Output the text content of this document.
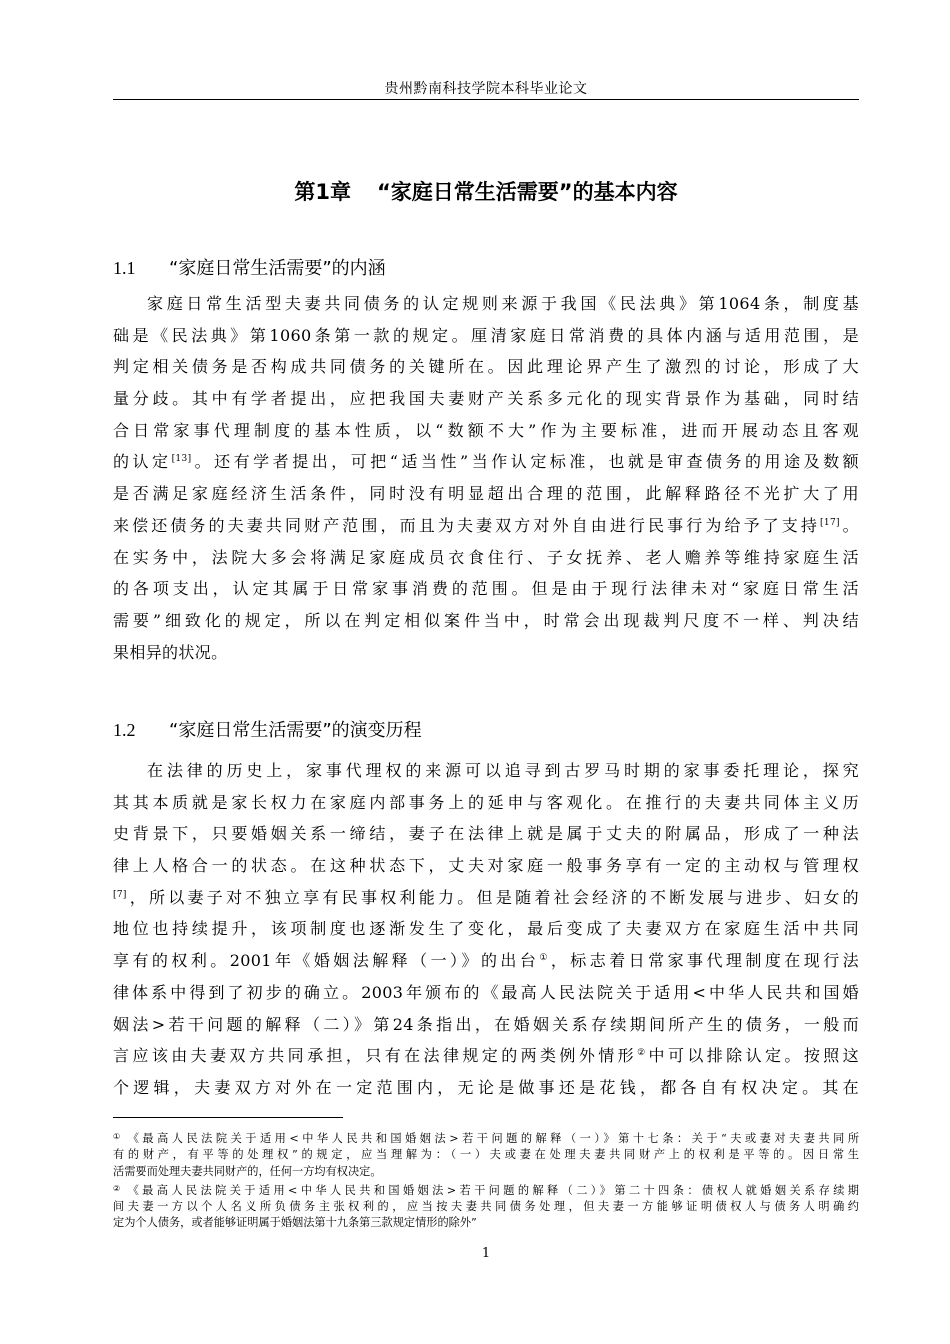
贵州黔南科技学院本科毕业论文
第1章 “家庭日常生活需要”的基本内容
1.1 “家庭日常生活需要”的内涵
家庭日常生活型夫妻共同债务的认定规则来源于我国《民法典》第1064条，制度基
础是《民法典》第1060条第一款的规定。厘清家庭日常消费的具体内涵与适用范围，是
判定相关债务是否构成共同债务的关键所在。因此理论界产生了激烈的讨论，形成了大
量分歧。其中有学者提出，应把我国夫妻财产关系多元化的现实背景作为基础，同时结
合日常家事代理制度的基本性质，以“数额不大”作为主要标准，进而开展动态且客观
的认定[13]。还有学者提出，可把“适当性”当作认定标准，也就是审查债务的用途及数额
是否满足家庭经济生活条件，同时没有明显超出合理的范围，此解释路径不光扩大了用
来偿还债务的夫妻共同财产范围，而且为夫妻双方对外自由进行民事行为给予了支持[17]。
在实务中，法院大多会将满足家庭成员衣食住行、子女抚养、老人赡养等维持家庭生活
的各项支出，认定其属于日常家事消费的范围。但是由于现行法律未对“家庭日常生活
需要”细致化的规定，所以在判定相似案件当中，时常会出现裁判尺度不一样、判决结
果相异的状况。
1.2 “家庭日常生活需要”的演变历程
在法律的历史上，家事代理权的来源可以追寻到古罗马时期的家事委托理论，探究
其其本质就是家长权力在家庭内部事务上的延申与客观化。在推行的夫妻共同体主义历
史背景下，只要婚姻关系一缔结，妻子在法律上就是属于丈夫的附属品，形成了一种法
律上人格合一的状态。在这种状态下，丈夫对家庭一般事务享有一定的主动权与管理权
[7]，所以妻子对不独立享有民事权利能力。但是随着社会经济的不断发展与进步、妇女的
地位也持续提升，该项制度也逐渐发生了变化，最后变成了夫妻双方在家庭生活中共同
享有的权利。2001年《婚姻法解释（一）》的出台①，标志着日常家事代理制度在现行法
律体系中得到了初步的确立。2003年颁布的《最高人民法院关于适用<中华人民共和国婚
姻法>若干问题的解释（二）》第24条指出，在婚姻关系存续期间所产生的债务，一般而
言应该由夫妻双方共同承担，只有在法律规定的两类例外情形②中可以排除认定。按照这
个逻辑，夫妻双方对外在一定范围内，无论是做事还是花钱，都各自有权决定。其在
① 《最高人民法院关于适用<中华人民共和国婚姻法>若干问题的解释（一）》第十七条：关于“夫或妻对夫妻共同所
有的财产，有平等的处理权”的规定，应当理解为：（一）夫或妻在处理夫妻共同财产上的权利是平等的。因日常生
活需要而处理夫妻共同财产的，任何一方均有权决定。
② 《最高人民法院关于适用<中华人民共和国婚姻法>若干问题的解释（二）》第二十四条：债权人就婚姻关系存续期
间夫妻一方以个人名义所负债务主张权利的，应当按夫妻共同债务处理，但夫妻一方能够证明债权人与债务人明确约
定为个人债务，或者能够证明属于婚姻法第十九条第三款规定情形的除外”
1
